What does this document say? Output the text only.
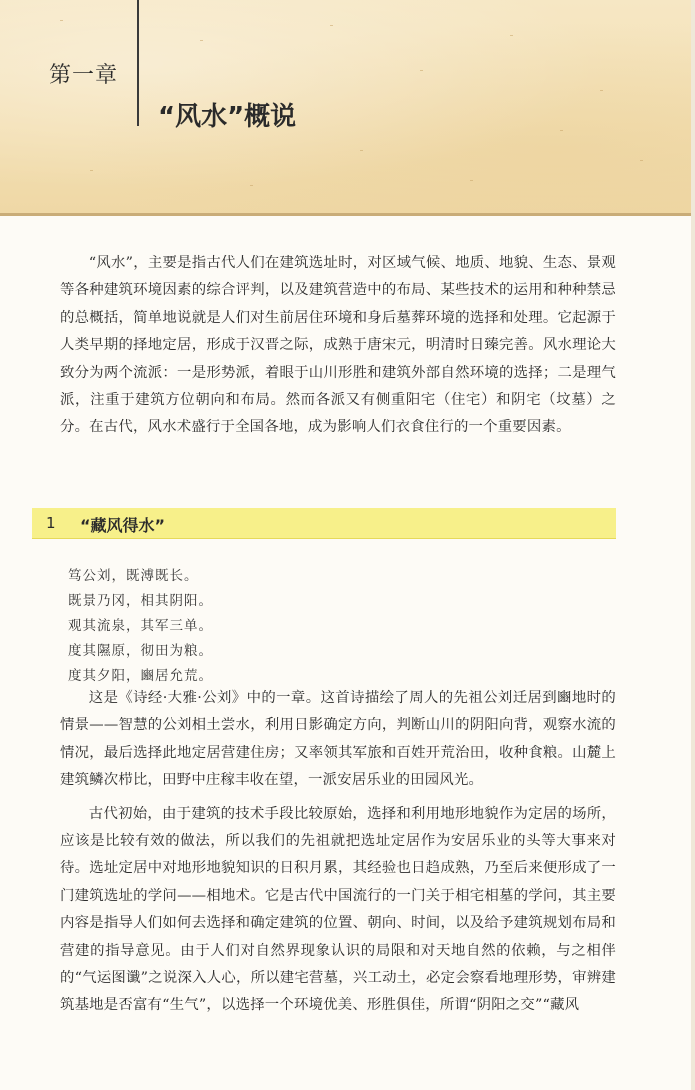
第一章
“风水”概说

“风水”，主要是指古代人们在建筑选址时，对区域气候、地质、地貌、生态、景观等各种建筑环境因素的综合评判，以及建筑营造中的布局、某些技术的运用和种种禁忌的总概括，简单地说就是人们对生前居住环境和身后墓葬环境的选择和处理。它起源于人类早期的择地定居，形成于汉晋之际，成熟于唐宋元，明清时日臻完善。风水理论大致分为两个流派：一是形势派，着眼于山川形胜和建筑外部自然环境的选择；二是理气派，注重于建筑方位朝向和布局。然而各派又有侧重阳宅（住宅）和阴宅（坟墓）之分。在古代，风水术盛行于全国各地，成为影响人们衣食住行的一个重要因素。

1 “藏风得水”
笃公刘，既溥既长。
既景乃冈，相其阴阳。
观其流泉，其军三单。
度其隰原，彻田为粮。
度其夕阳，豳居允荒。

这是《诗经·大雅·公刘》中的一章。这首诗描绘了周人的先祖公刘迁居到豳地时的情景——智慧的公刘相土尝水，利用日影确定方向，判断山川的阴阳向背，观察水流的情况，最后选择此地定居营建住房；又率领其军旅和百姓开荒治田，收种食粮。山麓上建筑鳞次栉比，田野中庄稼丰收在望，一派安居乐业的田园风光。

古代初始，由于建筑的技术手段比较原始，选择和利用地形地貌作为定居的场所，应该是比较有效的做法，所以我们的先祖就把选址定居作为安居乐业的头等大事来对待。选址定居中对地形地貌知识的日积月累，其经验也日趋成熟，乃至后来便形成了一门建筑选址的学问——相地术。它是古代中国流行的一门关于相宅相墓的学问，其主要内容是指导人们如何去选择和确定建筑的位置、朝向、时间，以及给予建筑规划布局和营建的指导意见。由于人们对自然界现象认识的局限和对天地自然的依赖，与之相伴的“气运图谶”之说深入人心，所以建宅营墓，兴工动土，必定会察看地理形势，审辨建筑基地是否富有“生气”，以选择一个环境优美、形胜俱佳，所谓“阴阳之交”“藏风
